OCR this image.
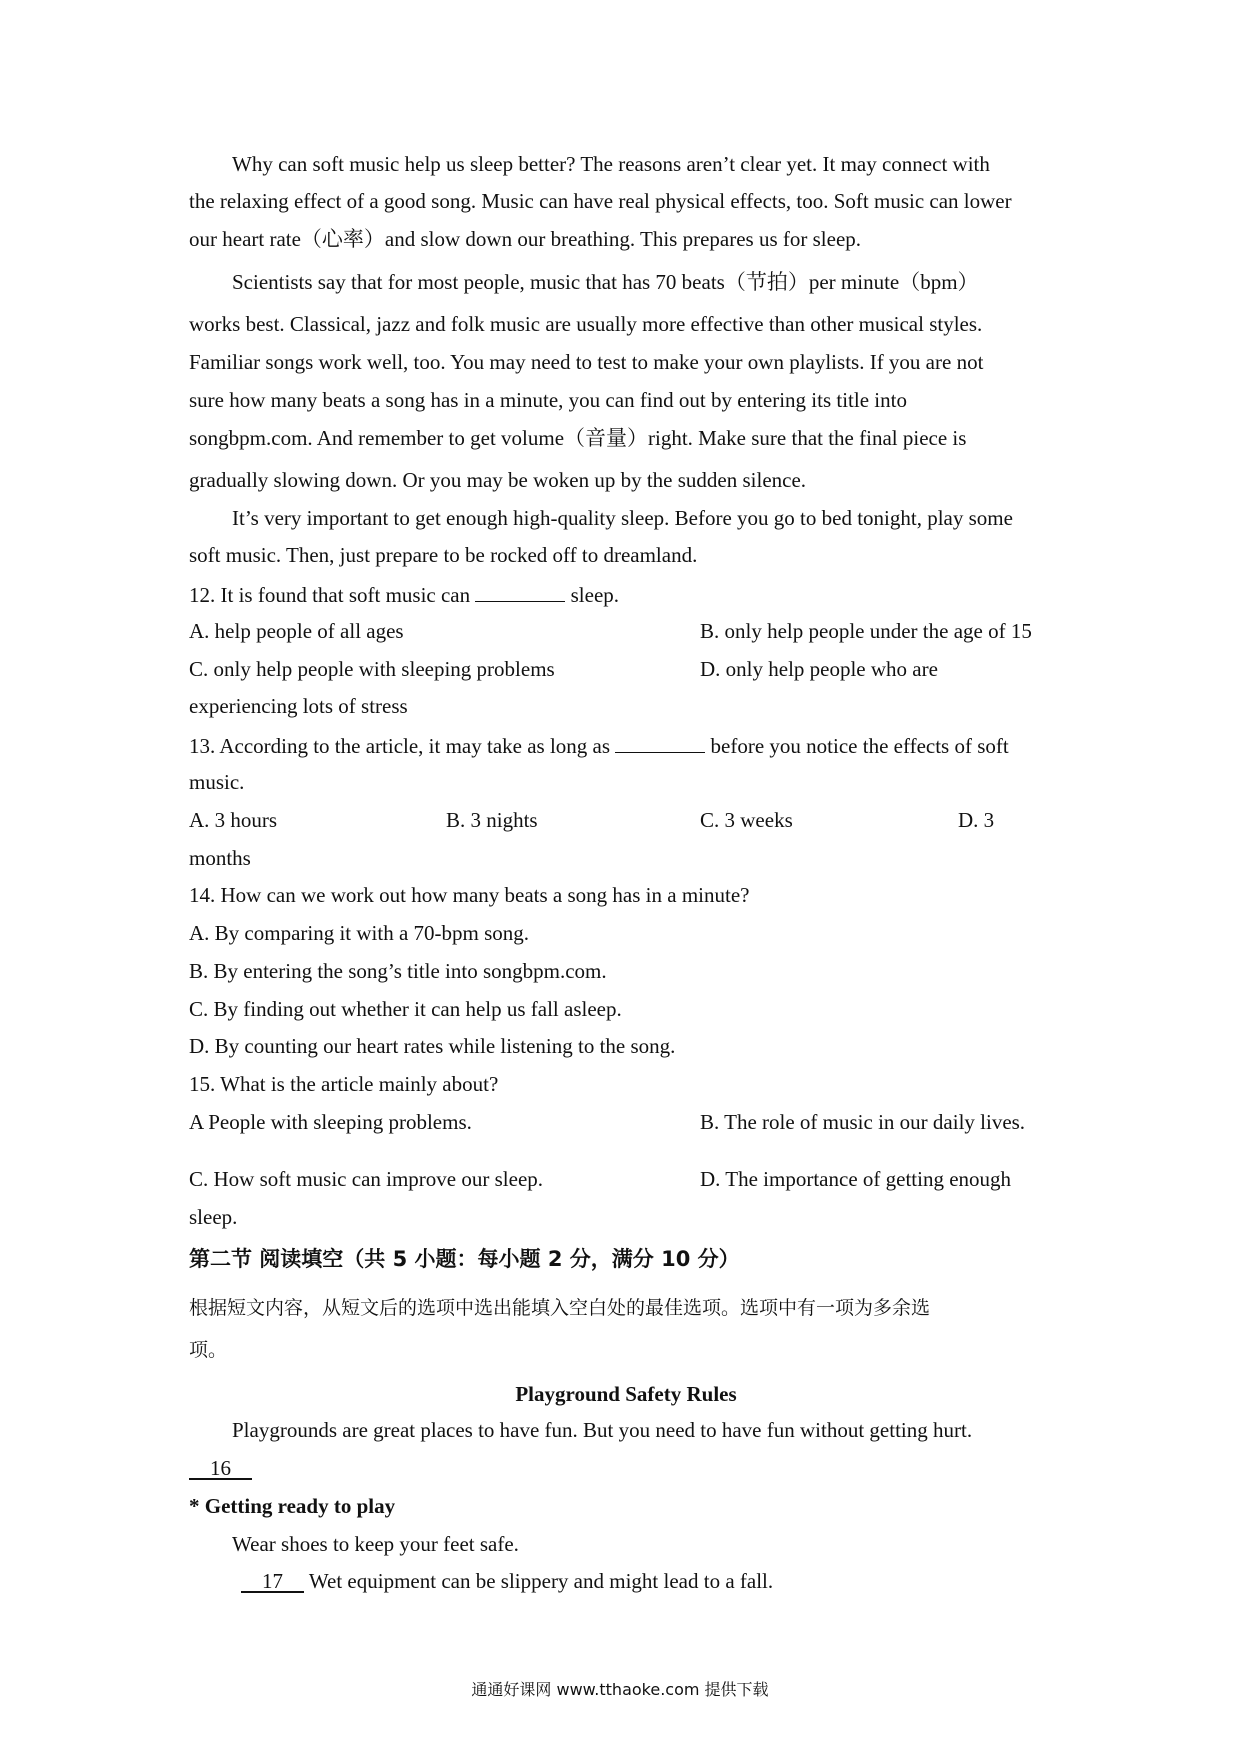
Why can soft music help us sleep better? The reasons aren’t clear yet. It may connect with
the relaxing effect of a good song. Music can have real physical effects, too. Soft music can lower
our heart rate（心率）and slow down our breathing. This prepares us for sleep.
Scientists say that for most people, music that has 70 beats（节拍）per minute（bpm）
works best. Classical, jazz and folk music are usually more effective than other musical styles.
Familiar songs work well, too. You may need to test to make your own playlists. If you are not
sure how many beats a song has in a minute, you can find out by entering its title into
songbpm.com. And remember to get volume（音量）right. Make sure that the final piece is
gradually slowing down. Or you may be woken up by the sudden silence.
It’s very important to get enough high-quality sleep. Before you go to bed tonight, play some
soft music. Then, just prepare to be rocked off to dreamland.
12. It is found that soft music can	sleep.
A. help people of all ages	B. only help people under the age of 15
C. only help people with sleeping problems	D. only help people who are
experiencing lots of stress
13. According to the article, it may take as long as	before you notice the effects of soft
music.
A. 3 hours	B. 3 nights	C. 3 weeks	D. 3
months
14. How can we work out how many beats a song has in a minute?
A. By comparing it with a 70-bpm song.
B. By entering the song’s title into songbpm.com.
C. By finding out whether it can help us fall asleep.
D. By counting our heart rates while listening to the song.
15. What is the article mainly about?
A People with sleeping problems.	B. The role of music in our daily lives.
C. How soft music can improve our sleep.	D. The importance of getting enough
sleep.
第二节 阅读填空（共 5 小题：每小题 2 分，满分 10 分）
根据短文内容，从短文后的选项中选出能填入空白处的最佳选项。选项中有一项为多余选
项。
Playground Safety Rules
Playgrounds are great places to have fun. But you need to have fun without getting hurt.
16
* Getting ready to play
Wear shoes to keep your feet safe.
17 Wet equipment can be slippery and might lead to a fall.
通通好课网 www.tthaoke.com 提供下载
